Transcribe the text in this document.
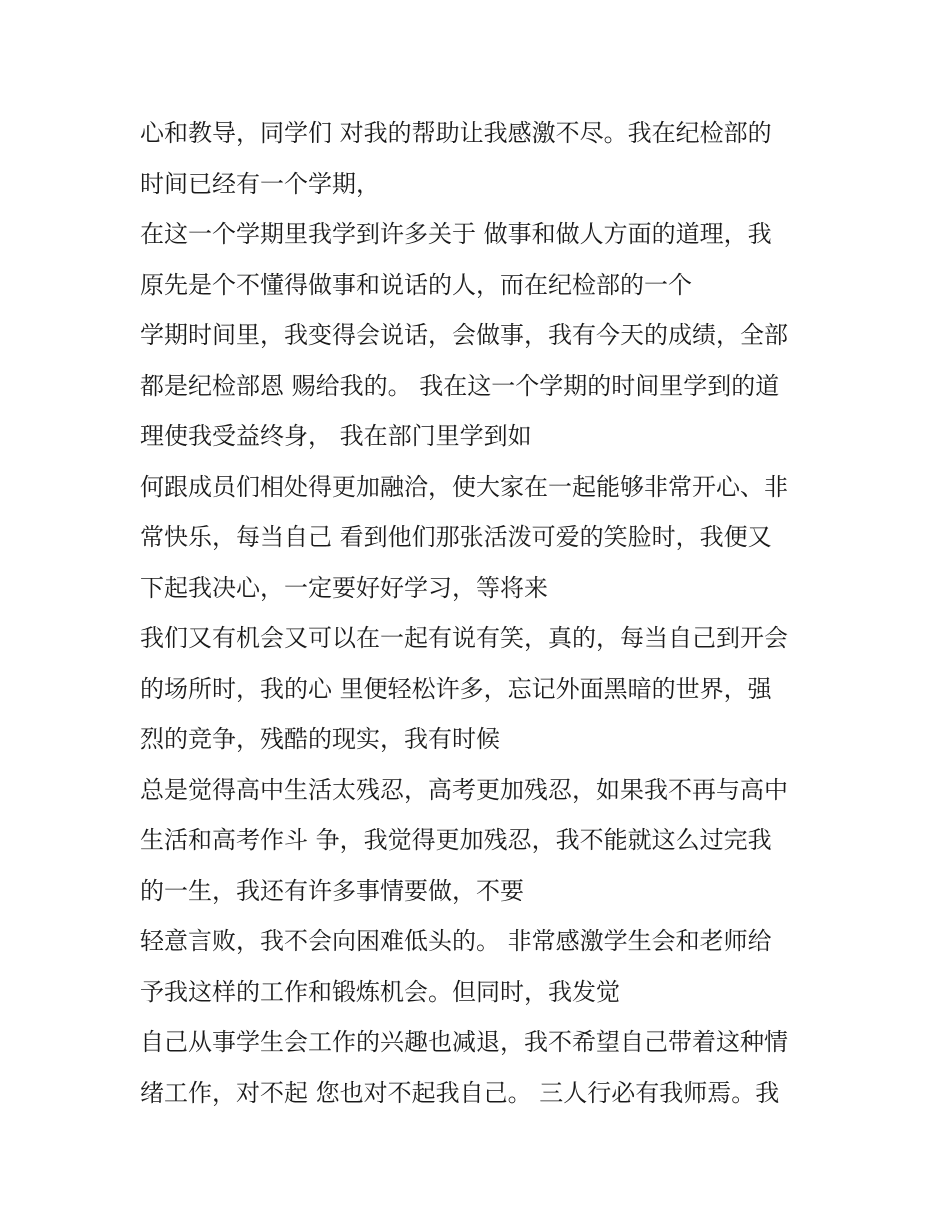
心和教导，同学们 对我的帮助让我感激不尽。我在纪检部的
时间已经有一个学期，
在这一个学期里我学到许多关于 做事和做人方面的道理，我
原先是个不懂得做事和说话的人，而在纪检部的一个
学期时间里，我变得会说话，会做事，我有今天的成绩，全部
都是纪检部恩 赐给我的。 我在这一个学期的时间里学到的道
理使我受益终身， 我在部门里学到如
何跟成员们相处得更加融洽，使大家在一起能够非常开心、非
常快乐，每当自己 看到他们那张活泼可爱的笑脸时，我便又
下起我决心，一定要好好学习，等将来
我们又有机会又可以在一起有说有笑，真的，每当自己到开会
的场所时，我的心 里便轻松许多，忘记外面黑暗的世界，强
烈的竞争，残酷的现实，我有时候
总是觉得高中生活太残忍，高考更加残忍，如果我不再与高中
生活和高考作斗 争，我觉得更加残忍，我不能就这么过完我
的一生，我还有许多事情要做，不要
轻意言败，我不会向困难低头的。 非常感激学生会和老师给
予我这样的工作和锻炼机会。但同时，我发觉
自己从事学生会工作的兴趣也减退，我不希望自己带着这种情
绪工作，对不起 您也对不起我自己。 三人行必有我师焉。我
